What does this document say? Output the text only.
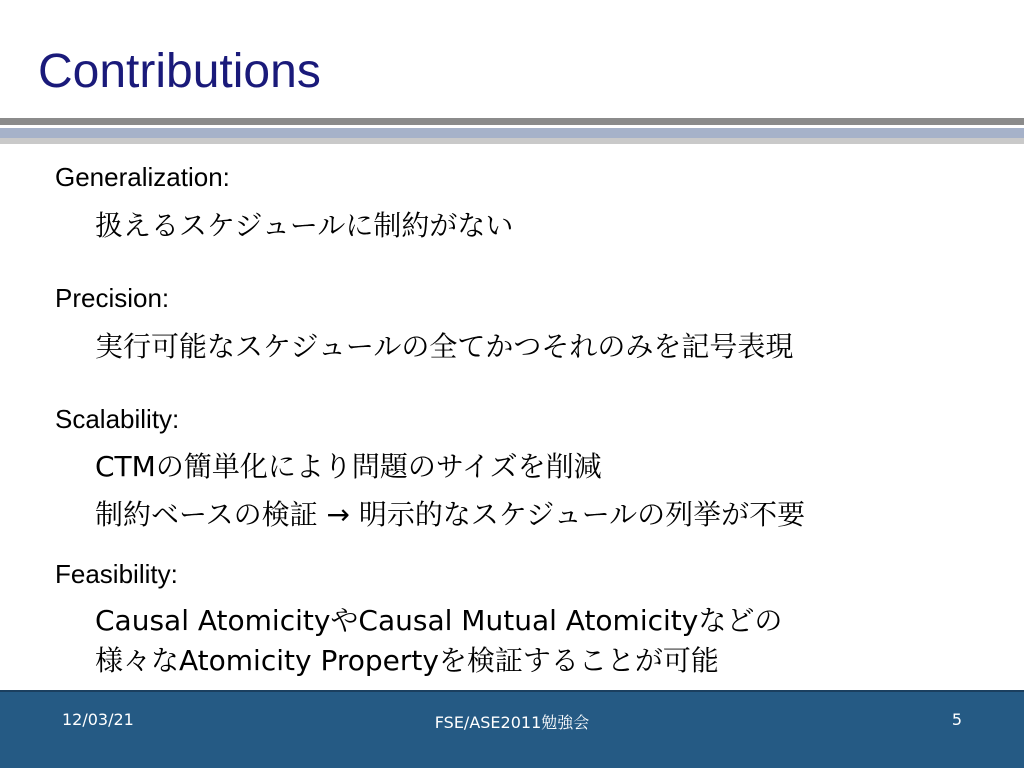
Contributions
Generalization:
扱えるスケジュールに制約がない
Precision:
実行可能なスケジュールの全てかつそれのみを記号表現
Scalability:
CTMの簡単化により問題のサイズを削減
制約ベースの検証 → 明示的なスケジュールの列挙が不要
Feasibility:
Causal AtomicityやCausal Mutual Atomicityなどの
様々なAtomicity Propertyを検証することが可能
12/03/21	FSE/ASE2011勉強会	5
